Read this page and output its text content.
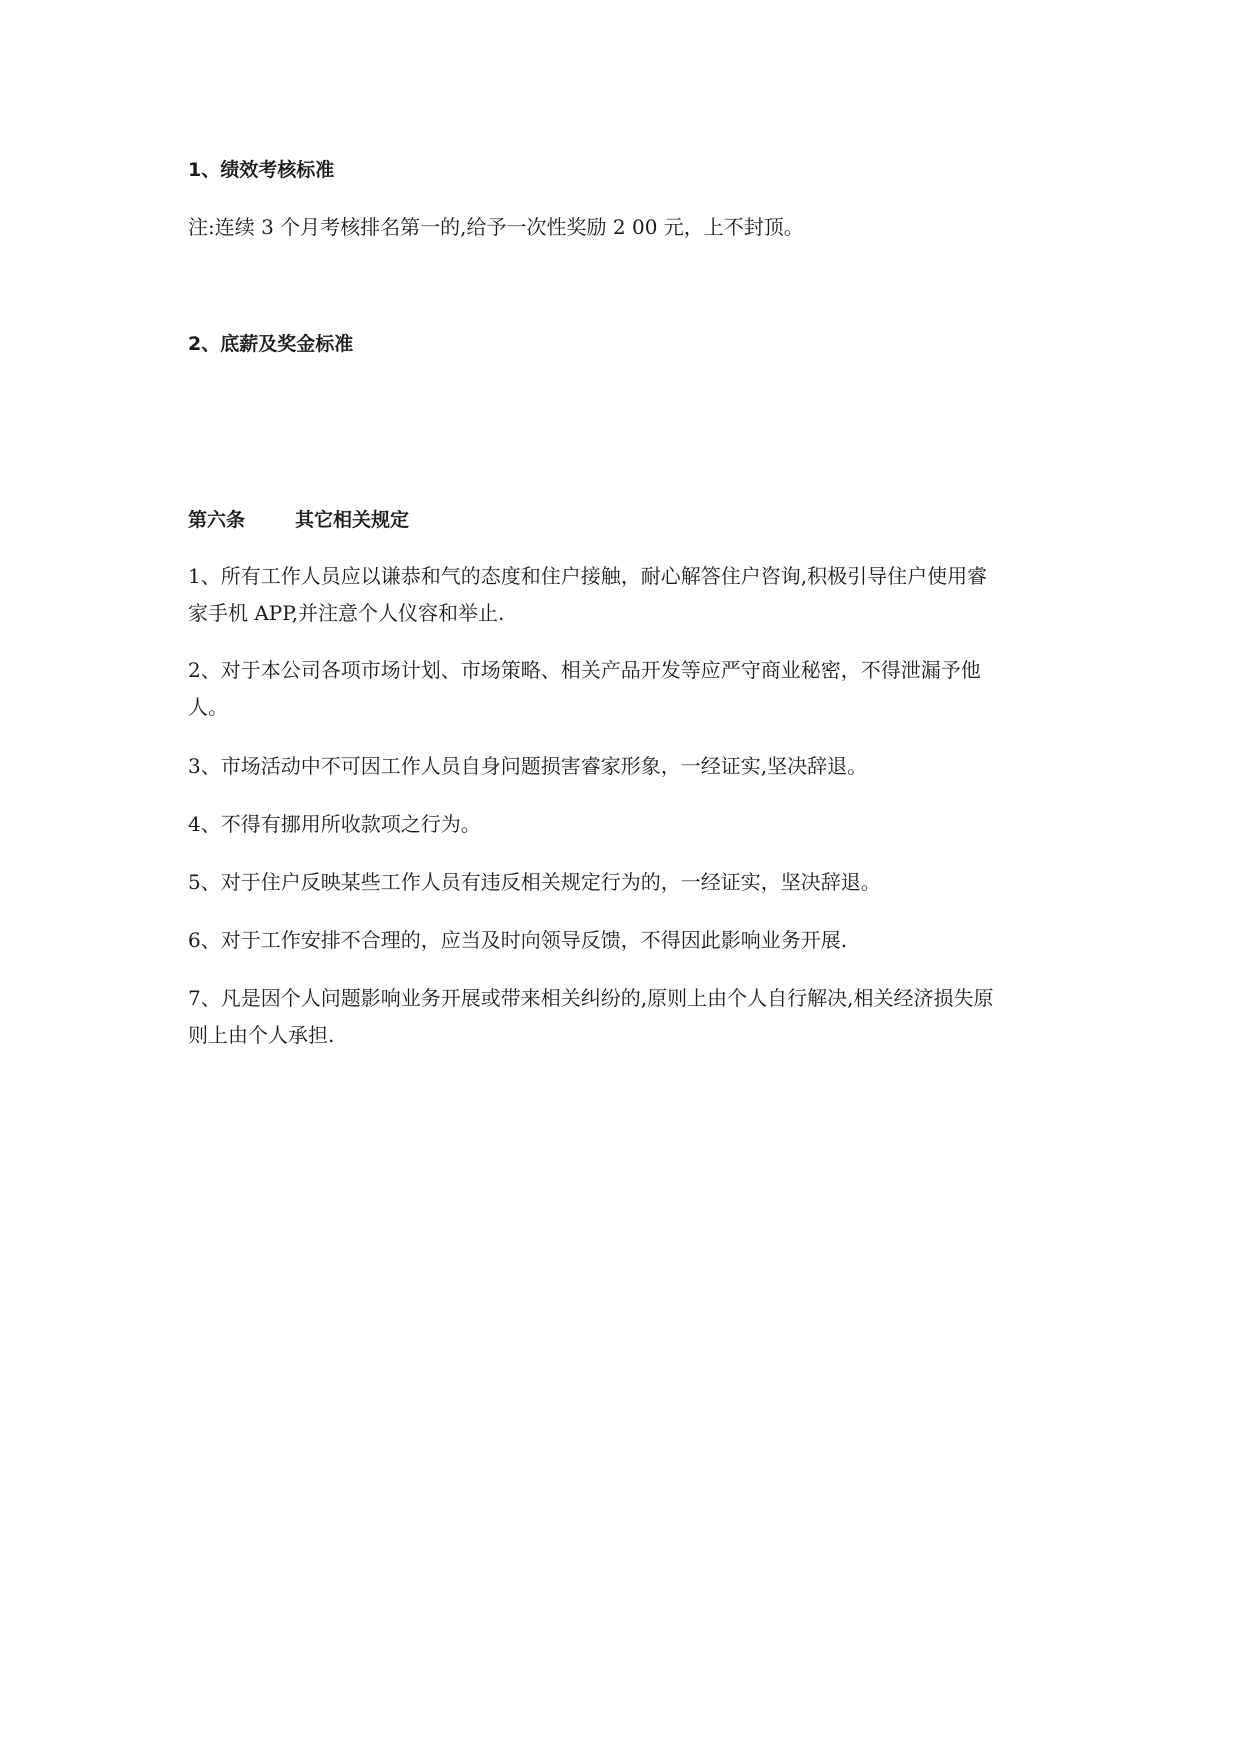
1、绩效考核标准
注:连续 3 个月考核排名第一的,给予一次性奖励 2 00 元，上不封顶。
2、底薪及奖金标准
第六条	其它相关规定
1、所有工作人员应以谦恭和气的态度和住户接触，耐心解答住户咨询,积极引导住户使用睿
家手机 APP,并注意个人仪容和举止.
2、对于本公司各项市场计划、市场策略、相关产品开发等应严守商业秘密，不得泄漏予他
人。
3、市场活动中不可因工作人员自身问题损害睿家形象，一经证实,坚决辞退。
4、不得有挪用所收款项之行为。
5、对于住户反映某些工作人员有违反相关规定行为的，一经证实，坚决辞退。
6、对于工作安排不合理的，应当及时向领导反馈，不得因此影响业务开展.
7、凡是因个人问题影响业务开展或带来相关纠纷的,原则上由个人自行解决,相关经济损失原
则上由个人承担.
